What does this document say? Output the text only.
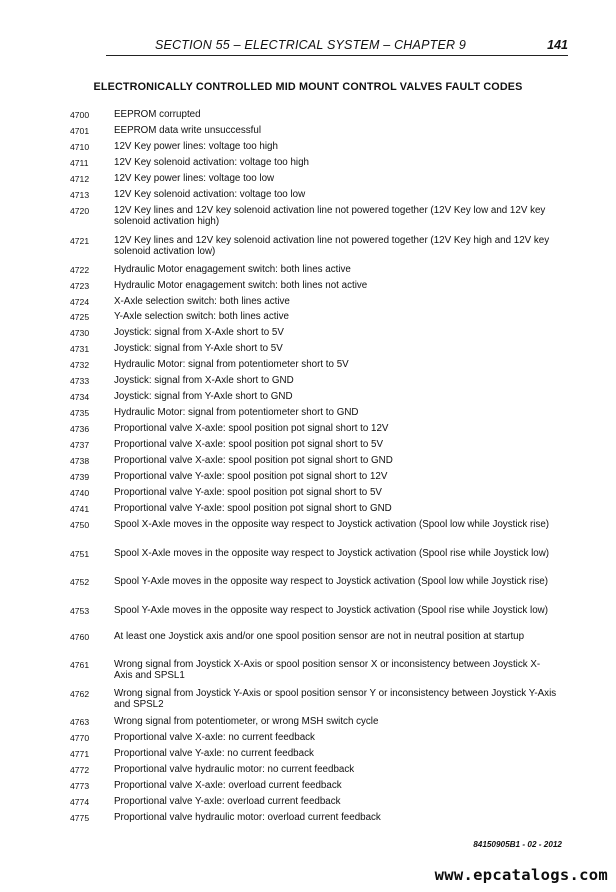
SECTION 55 – ELECTRICAL SYSTEM – CHAPTER 9	141
ELECTRONICALLY CONTROLLED MID MOUNT CONTROL VALVES FAULT CODES
4700	EEPROM corrupted
4701	EEPROM data write unsuccessful
4710	12V Key power lines: voltage too high
4711	12V Key solenoid activation: voltage too high
4712	12V Key power lines: voltage too low
4713	12V Key solenoid activation: voltage too low
4720	12V Key lines and 12V key solenoid activation line not powered together (12V Key low and 12V key solenoid activation high)
4721	12V Key lines and 12V key solenoid activation line not powered together (12V Key high and 12V key solenoid activation low)
4722	Hydraulic Motor enagagement switch: both lines active
4723	Hydraulic Motor enagagement switch: both lines not active
4724	X-Axle selection switch: both lines active
4725	Y-Axle selection switch: both lines active
4730	Joystick: signal from X-Axle short to 5V
4731	Joystick: signal from Y-Axle short to 5V
4732	Hydraulic Motor: signal from potentiometer short to 5V
4733	Joystick: signal from X-Axle short to GND
4734	Joystick: signal from Y-Axle short to GND
4735	Hydraulic Motor: signal from potentiometer short to GND
4736	Proportional valve X-axle: spool position pot signal short to 12V
4737	Proportional valve X-axle: spool position pot signal short to 5V
4738	Proportional valve X-axle: spool position pot signal short to GND
4739	Proportional valve Y-axle: spool position pot signal short to 12V
4740	Proportional valve Y-axle: spool position pot signal short to 5V
4741	Proportional valve Y-axle: spool position pot signal short to GND
4750	Spool X-Axle moves in the opposite way respect to Joystick activation (Spool low while Joystick rise)
4751	Spool X-Axle moves in the opposite way respect to Joystick activation (Spool rise while Joystick low)
4752	Spool Y-Axle moves in the opposite way respect to Joystick activation (Spool low while Joystick rise)
4753	Spool Y-Axle moves in the opposite way respect to Joystick activation (Spool rise while Joystick low)
4760	At least one Joystick axis and/or one spool position sensor are not in neutral position at startup
4761	Wrong signal from Joystick X-Axis or spool position sensor X or inconsistency between Joystick X-Axis and SPSL1
4762	Wrong signal from Joystick Y-Axis or spool position sensor Y or inconsistency between Joystick Y-Axis and SPSL2
4763	Wrong signal from potentiometer, or wrong MSH switch cycle
4770	Proportional valve X-axle: no current feedback
4771	Proportional valve Y-axle: no current feedback
4772	Proportional valve hydraulic motor: no current feedback
4773	Proportional valve X-axle: overload current feedback
4774	Proportional valve Y-axle: overload current feedback
4775	Proportional valve hydraulic motor: overload current feedback
84150905B1 - 02 - 2012
www.epcatalogs.com
